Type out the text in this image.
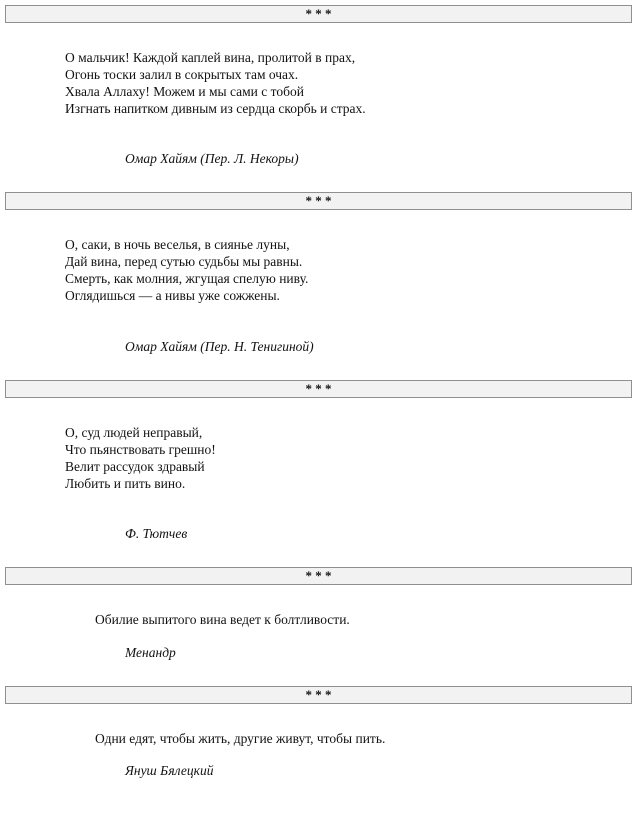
* * *
О мальчик! Каждой каплей вина, пролитой в прах,
Огонь тоски залил в сокрытых там очах.
Хвала Аллаху! Можем и мы сами с тобой
Изгнать напитком дивным из сердца скорбь и страх.

Омар Хайям (Пер. Л. Некоры)

* * *
О, саки, в ночь веселья, в сиянье луны,
Дай вина, перед сутью судьбы мы равны.
Смерть, как молния, жгущая спелую ниву.
Оглядишься — а нивы уже сожжены.

Омар Хайям (Пер. Н. Тенигиной)

* * *
О, суд людей неправый,
Что пьянствовать грешно!
Велит рассудок здравый
Любить и пить вино.

Ф. Тютчев

* * *

Обилие выпитого вина ведет к болтливости.

Менандр

* * *

Одни едят, чтобы жить, другие живут, чтобы пить.

Януш Бялецкий
